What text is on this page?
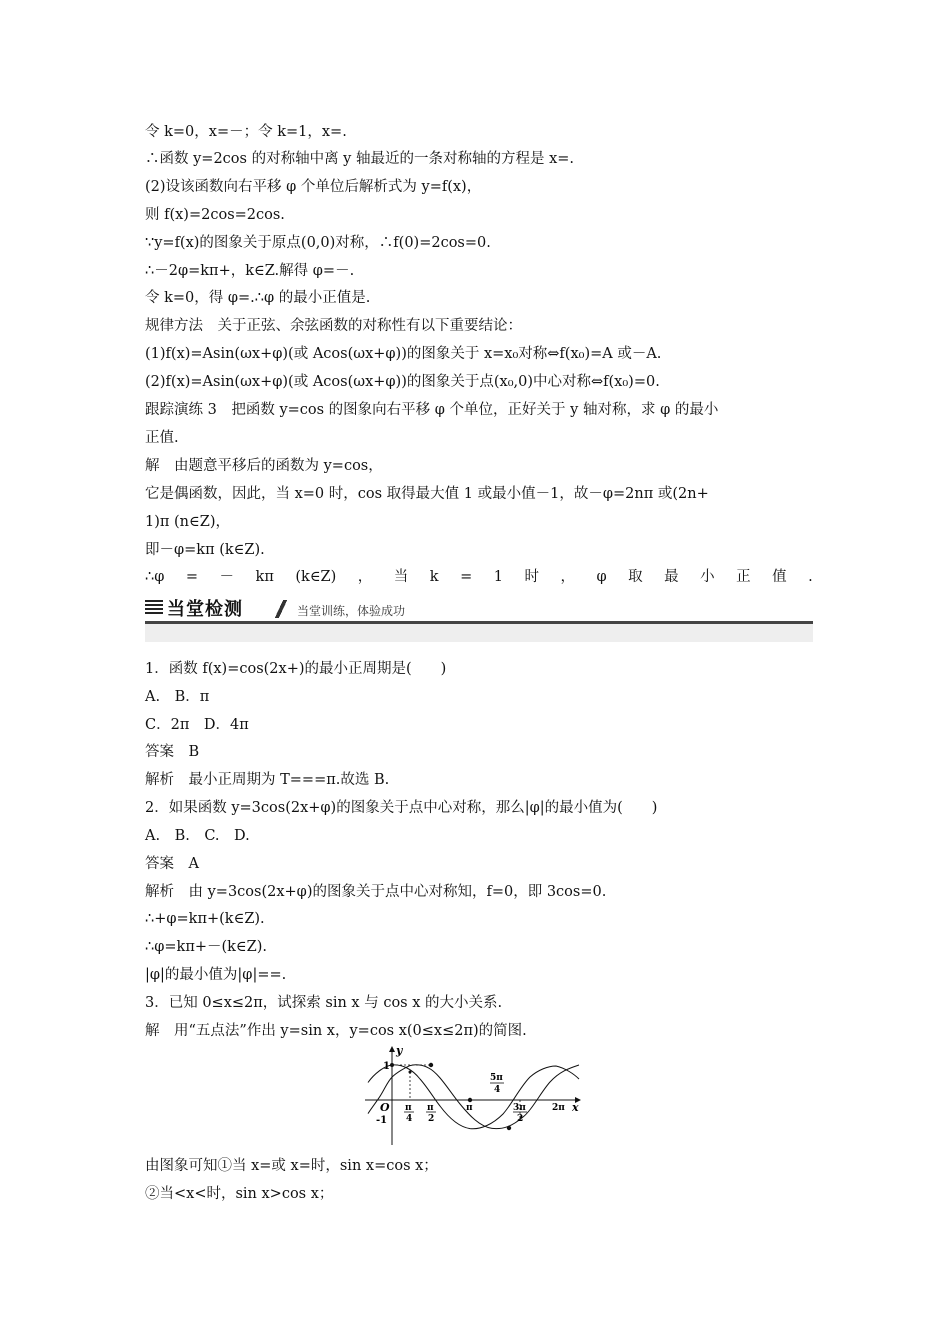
令 k=0，x=－；令 k=1，x=.
∴函数 y=2cos 的对称轴中离 y 轴最近的一条对称轴的方程是 x=.
(2)设该函数向右平移 φ 个单位后解析式为 y=f(x)，
则 f(x)=2cos=2cos.
∵y=f(x)的图象关于原点(0,0)对称，∴f(0)=2cos=0.
∴－2φ=kπ+，k∈Z.解得 φ=－.
令 k=0，得 φ=.∴φ 的最小正值是.
规律方法　关于正弦、余弦函数的对称性有以下重要结论：
(1)f(x)=Asin(ωx+φ)(或 Acos(ωx+φ))的图象关于 x=x₀对称⇔f(x₀)=A 或－A.
(2)f(x)=Asin(ωx+φ)(或 Acos(ωx+φ))的图象关于点(x₀,0)中心对称⇔f(x₀)=0.
跟踪演练 3　把函数 y=cos 的图象向右平移 φ 个单位，正好关于 y 轴对称，求 φ 的最小
正值.
解　由题意平移后的函数为 y=cos，
它是偶函数，因此，当 x=0 时，cos 取得最大值 1 或最小值－1，故－φ=2nπ 或(2n+
1)π (n∈Z)，
即－φ=kπ (k∈Z).
∴φ = － kπ (k∈Z) ， 当 k = 1 时 ， φ 取 最 小 正 值 .
当堂检测	当堂训练，体验成功
1．函数 f(x)=cos(2x+)的最小正周期是(　　)
A.　B．π
C．2π　D．4π
答案　B
解析　最小正周期为 T===π.故选 B.
2．如果函数 y=3cos(2x+φ)的图象关于点中心对称，那么|φ|的最小值为(　　)
A.　B.　C.　D.
答案　A
解析　由 y=3cos(2x+φ)的图象关于点中心对称知，f=0，即 3cos=0.
∴+φ=kπ+(k∈Z).
∴φ=kπ+－(k∈Z).
|φ|的最小值为|φ|==.
3．已知 0≤x≤2π，试探索 sin x 与 cos x 的大小关系.
解　用“五点法”作出 y=sin x，y=cos x(0≤x≤2π)的简图.
y
x
O
1
-1
π
4
π
2
π
5π
4
3π
2
2π
由图象可知①当 x=或 x=时，sin x=cos x；
②当<x<时，sin x>cos x；
